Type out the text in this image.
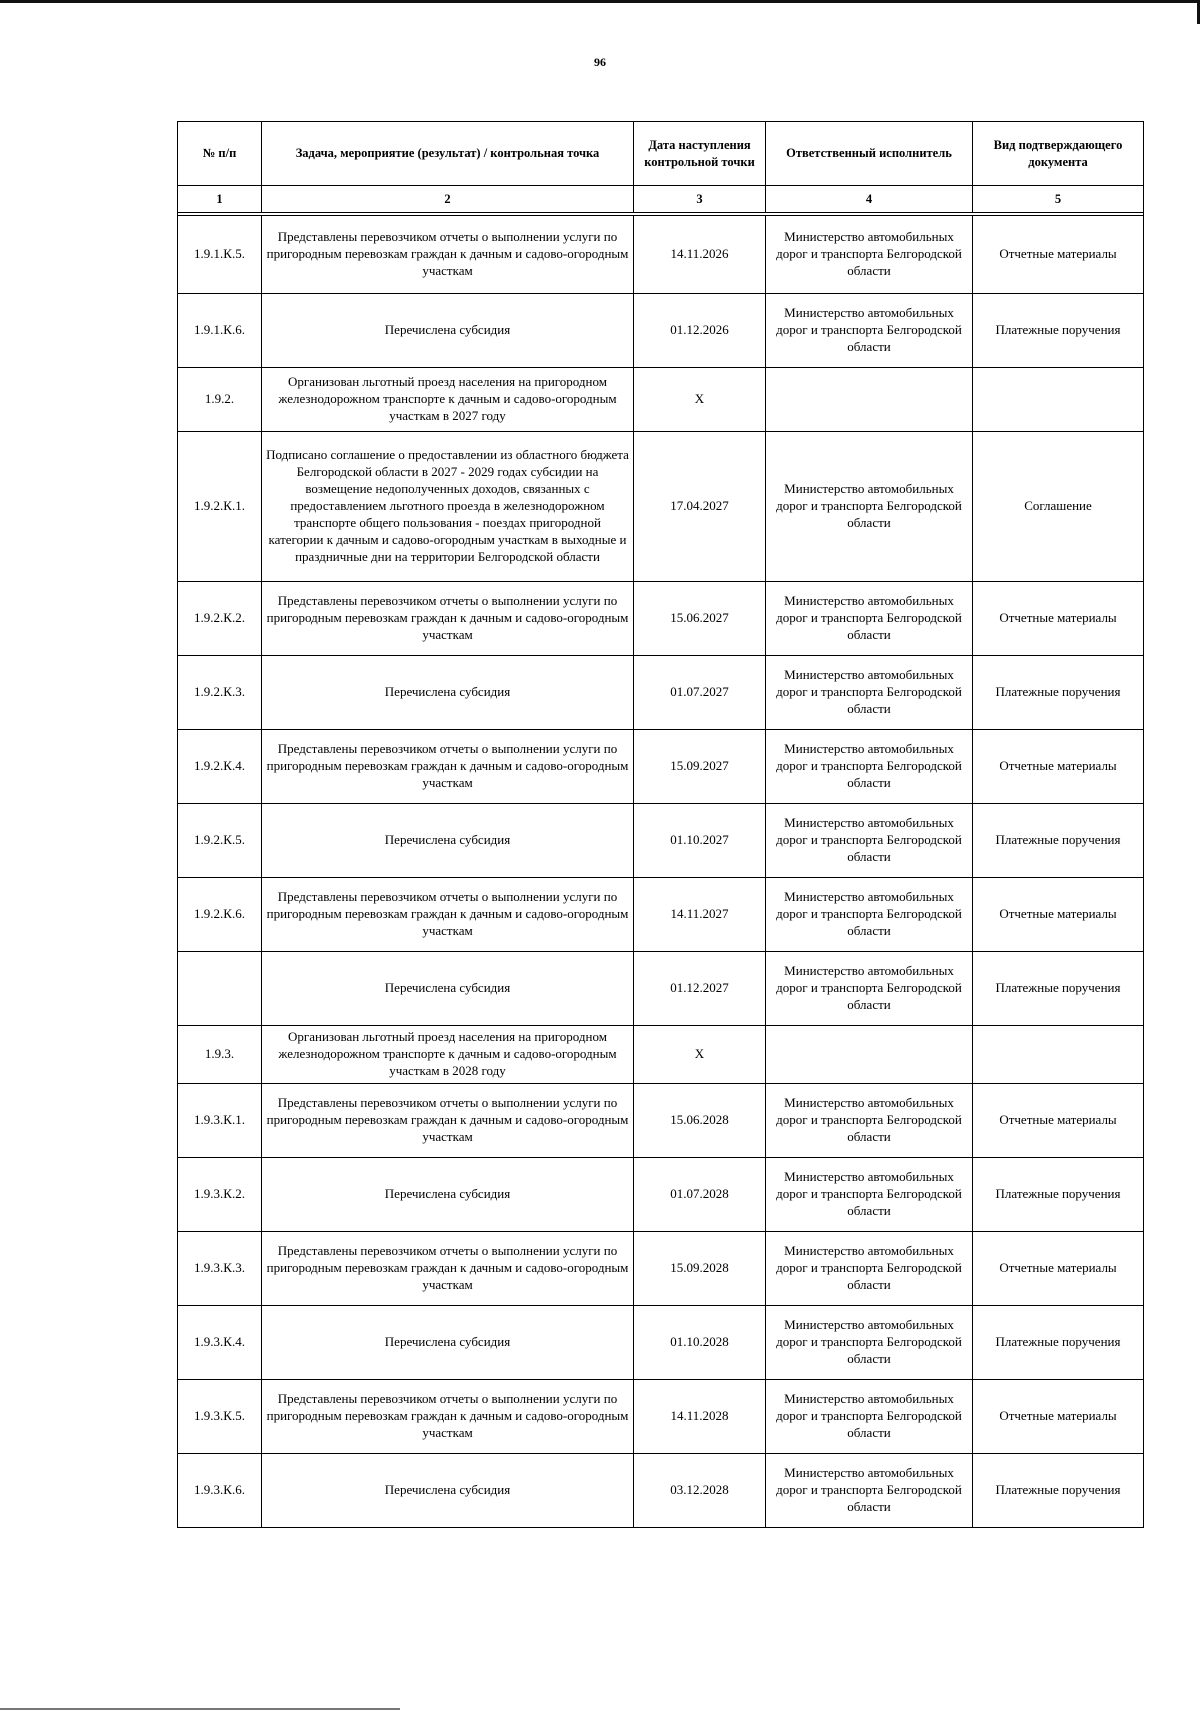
96
№ п/п	Задача, мероприятие (результат) / контрольная точка	Дата наступления контрольной точки	Ответственный исполнитель	Вид подтверждающего документа
1	2	3	4	5

1.9.1.К.5.	Представлены перевозчиком отчеты о выполнении услуги по пригородным перевозкам граждан к дачным и садово-огородным участкам	14.11.2026	Министерство автомобильных дорог и транспорта Белгородской области	Отчетные материалы
1.9.1.К.6.	Перечислена субсидия	01.12.2026	Министерство автомобильных дорог и транспорта Белгородской области	Платежные поручения
1.9.2.	Организован льготный проезд населения на пригородном железнодорожном транспорте к дачным и садово-огородным участкам в 2027 году	X		
1.9.2.К.1.	Подписано соглашение о предоставлении из областного бюджета Белгородской области в 2027 - 2029 годах субсидии на возмещение недополученных доходов, связанных с предоставлением льготного проезда в железнодорожном транспорте общего пользования - поездах пригородной категории к дачным и садово-огородным участкам в выходные и праздничные дни на территории Белгородской области	17.04.2027	Министерство автомобильных дорог и транспорта Белгородской области	Соглашение
1.9.2.К.2.	Представлены перевозчиком отчеты о выполнении услуги по пригородным перевозкам граждан к дачным и садово-огородным участкам	15.06.2027	Министерство автомобильных дорог и транспорта Белгородской области	Отчетные материалы
1.9.2.К.3.	Перечислена субсидия	01.07.2027	Министерство автомобильных дорог и транспорта Белгородской области	Платежные поручения
1.9.2.К.4.	Представлены перевозчиком отчеты о выполнении услуги по пригородным перевозкам граждан к дачным и садово-огородным участкам	15.09.2027	Министерство автомобильных дорог и транспорта Белгородской области	Отчетные материалы
1.9.2.К.5.	Перечислена субсидия	01.10.2027	Министерство автомобильных дорог и транспорта Белгородской области	Платежные поручения
1.9.2.К.6.	Представлены перевозчиком отчеты о выполнении услуги по пригородным перевозкам граждан к дачным и садово-огородным участкам	14.11.2027	Министерство автомобильных дорог и транспорта Белгородской области	Отчетные материалы
	Перечислена субсидия	01.12.2027	Министерство автомобильных дорог и транспорта Белгородской области	Платежные поручения
1.9.3.	Организован льготный проезд населения на пригородном железнодорожном транспорте к дачным и садово-огородным участкам в 2028 году	X		
1.9.3.К.1.	Представлены перевозчиком отчеты о выполнении услуги по пригородным перевозкам граждан к дачным и садово-огородным участкам	15.06.2028	Министерство автомобильных дорог и транспорта Белгородской области	Отчетные материалы
1.9.3.К.2.	Перечислена субсидия	01.07.2028	Министерство автомобильных дорог и транспорта Белгородской области	Платежные поручения
1.9.3.К.3.	Представлены перевозчиком отчеты о выполнении услуги по пригородным перевозкам граждан к дачным и садово-огородным участкам	15.09.2028	Министерство автомобильных дорог и транспорта Белгородской области	Отчетные материалы
1.9.3.К.4.	Перечислена субсидия	01.10.2028	Министерство автомобильных дорог и транспорта Белгородской области	Платежные поручения
1.9.3.К.5.	Представлены перевозчиком отчеты о выполнении услуги по пригородным перевозкам граждан к дачным и садово-огородным участкам	14.11.2028	Министерство автомобильных дорог и транспорта Белгородской области	Отчетные материалы
1.9.3.К.6.	Перечислена субсидия	03.12.2028	Министерство автомобильных дорог и транспорта Белгородской области	Платежные поручения
